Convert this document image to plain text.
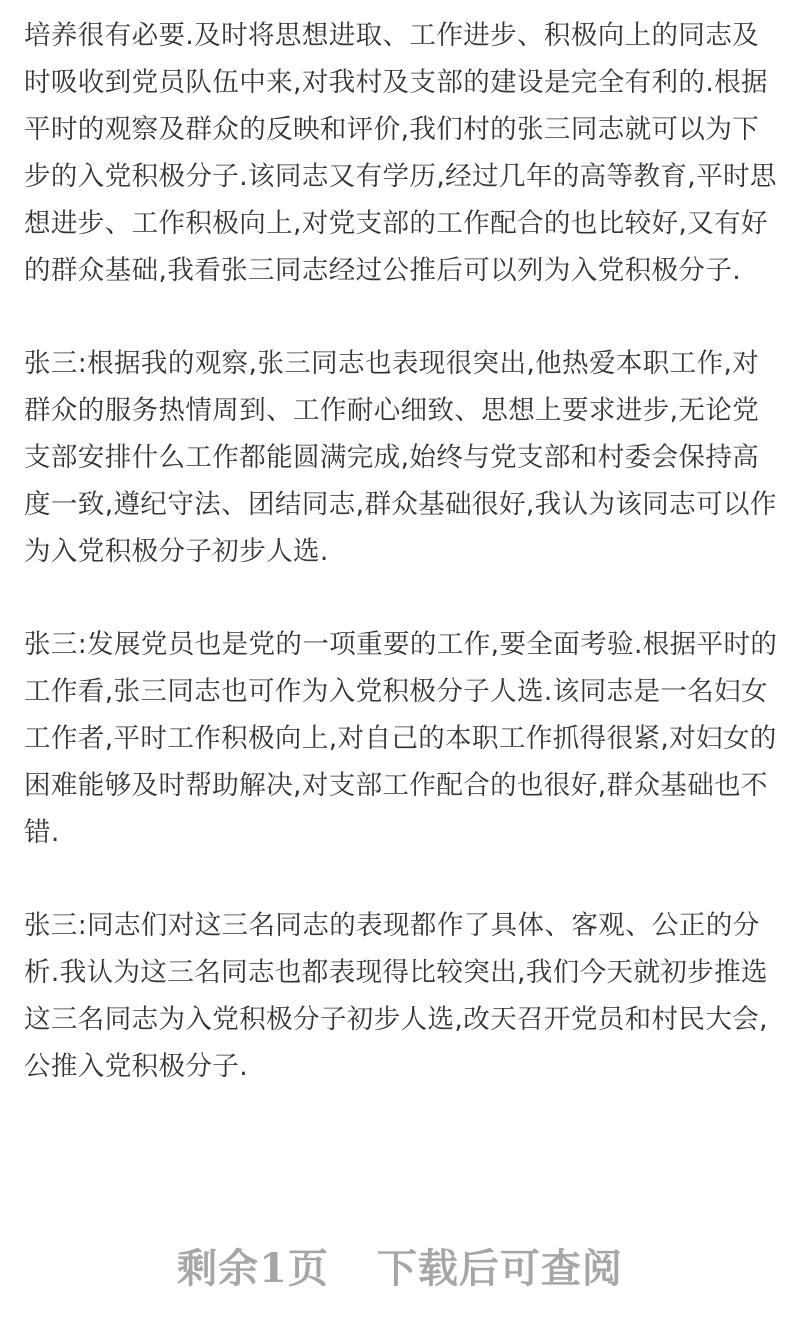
培养很有必要.及时将思想进取、工作进步、积极向上的同志及时吸收到党员队伍中来,对我村及支部的建设是完全有利的.根据平时的观察及群众的反映和评价,我们村的张三同志就可以为下步的入党积极分子.该同志又有学历,经过几年的高等教育,平时思想进步、工作积极向上,对党支部的工作配合的也比较好,又有好的群众基础,我看张三同志经过公推后可以列为入党积极分子.

张三:根据我的观察,张三同志也表现很突出,他热爱本职工作,对群众的服务热情周到、工作耐心细致、思想上要求进步,无论党支部安排什么工作都能圆满完成,始终与党支部和村委会保持高度一致,遵纪守法、团结同志,群众基础很好,我认为该同志可以作为入党积极分子初步人选.

张三:发展党员也是党的一项重要的工作,要全面考验.根据平时的工作看,张三同志也可作为入党积极分子人选.该同志是一名妇女工作者,平时工作积极向上,对自己的本职工作抓得很紧,对妇女的困难能够及时帮助解决,对支部工作配合的也很好,群众基础也不错.

张三:同志们对这三名同志的表现都作了具体、客观、公正的分析.我认为这三名同志也都表现得比较突出,我们今天就初步推选这三名同志为入党积极分子初步人选,改天召开党员和村民大会,公推入党积极分子.

剩余1页 下载后可查阅
